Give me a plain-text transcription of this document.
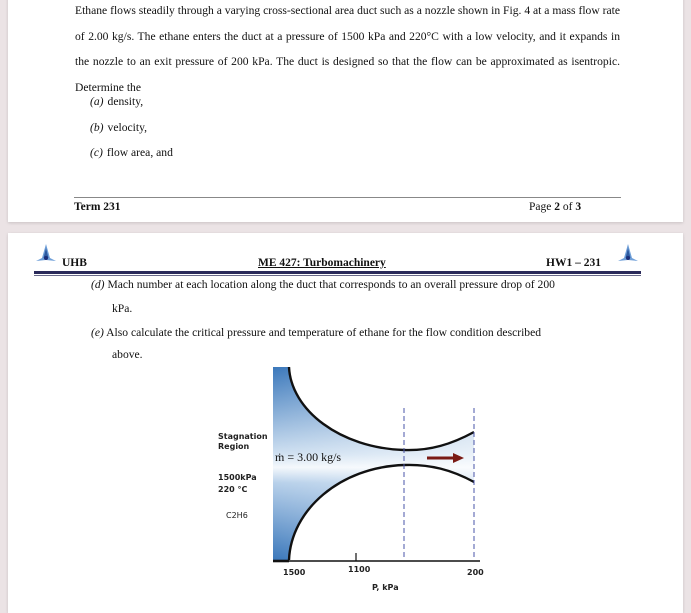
Ethane flows steadily through a varying cross-sectional area duct such as a nozzle shown in Fig. 4 at a mass flow rate of 2.00 kg/s. The ethane enters the duct at a pressure of 1500 kPa and 220°C with a low velocity, and it expands in the nozzle to an exit pressure of 200 kPa. The duct is designed so that the flow can be approximated as isentropic. Determine the
(a) density,
(b) velocity,
(c) flow area, and
Term 231	Page 2 of 3
UHB	ME 427: Turbomachinery	HW1 – 231
(d) Mach number at each location along the duct that corresponds to an overall pressure drop of 200
kPa.
(e) Also calculate the critical pressure and temperature of ethane for the flow condition described
above.
Stagnation
Region
1500kPa
220 °C
C2H6
ṁ = 3.00 kg/s
1500	1100	200
P, kPa
